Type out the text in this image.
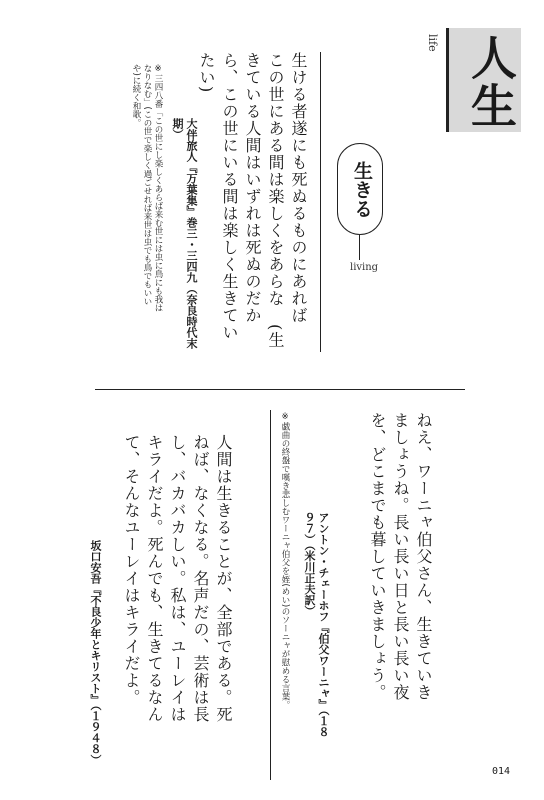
人生
life
生きる
living
生ける者遂にも死ぬるものにあれば　この世にある間は楽しくをあらな　(生きている人間はいずれは死ぬのだから、この世にいる間は楽しく生きていたい)
大伴旅人『万葉集』巻三・三四九（奈良時代末期）
※三四八番「この世にし楽しくあらば来む世には虫に鳥にも我はなりなむ」(この世で楽しく過ごせれば来世は虫でも鳥でもいいや)に続く和歌。
ねえ、ワーニャ伯父さん、生きていきましょうね。長い長い日と長い長い夜を、どこまでも暮していきましょう。
アントン・チェーホフ『伯父ワーニャ』（１８９７）（米川正夫訳）
※戯曲の終盤で嘆き悲しむワーニャ伯父を姪(めい)のソーニャが慰める言葉。
人間は生きることが、全部である。死ねば、なくなる。名声だの、芸術は長し、バカバカしい。私は、ユーレイはキライだよ。死んでも、生きてるなんて、そんなユーレイはキライだよ。
坂口安吾『不良少年とキリスト』（１９４８）
014
